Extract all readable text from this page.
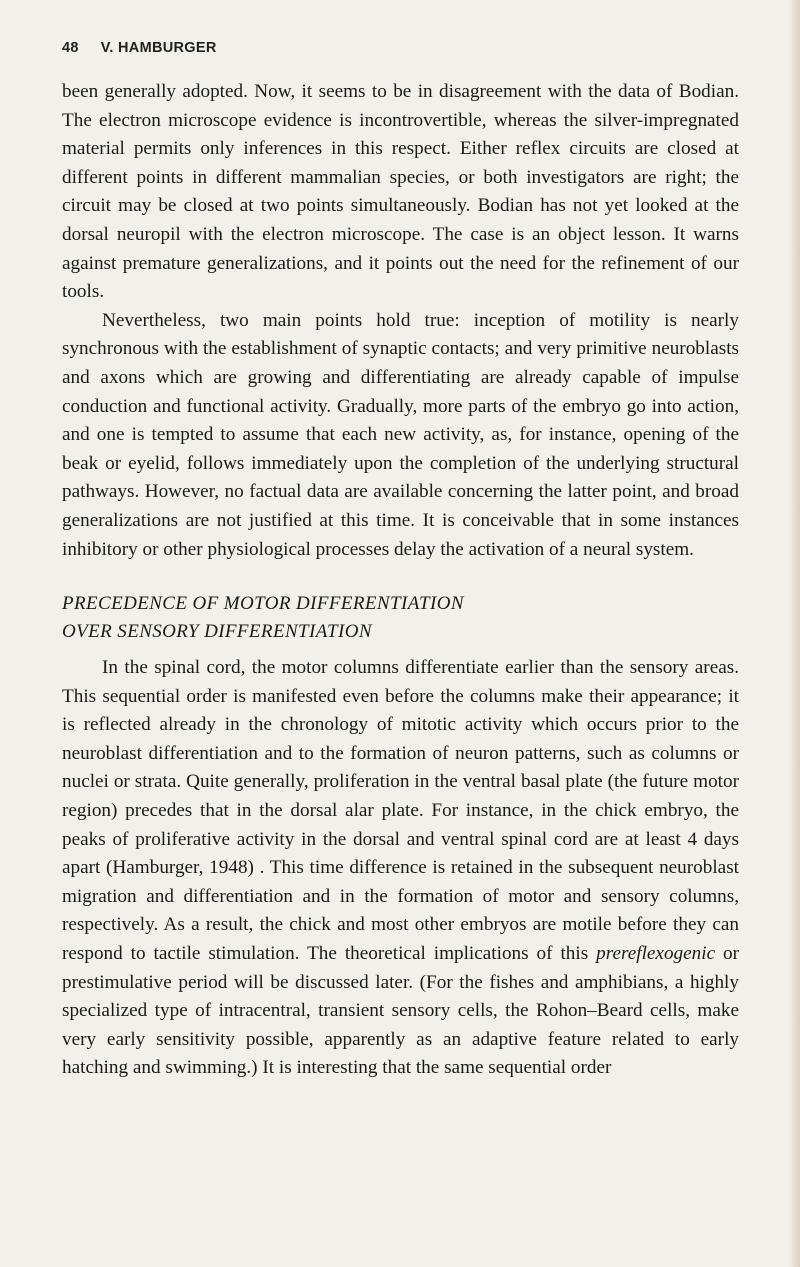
48 V. HAMBURGER

been generally adopted. Now, it seems to be in disagreement with the data of Bodian. The electron microscope evidence is incontrovertible, whereas the silver-impregnated material permits only inferences in this respect. Either reflex circuits are closed at different points in different mammalian species, or both investigators are right; the circuit may be closed at two points simultaneously. Bodian has not yet looked at the dorsal neuropil with the electron microscope. The case is an object lesson. It warns against premature generalizations, and it points out the need for the refinement of our tools.

Nevertheless, two main points hold true: inception of motility is nearly synchronous with the establishment of synaptic contacts; and very primitive neuroblasts and axons which are growing and differentiating are already capable of impulse conduction and functional activity. Gradually, more parts of the embryo go into action, and one is tempted to assume that each new activity, as, for instance, opening of the beak or eyelid, follows immediately upon the completion of the underlying structural pathways. However, no factual data are available concerning the latter point, and broad generalizations are not justified at this time. It is conceivable that in some instances inhibitory or other physiological processes delay the activation of a neural system.

PRECEDENCE OF MOTOR DIFFERENTIATION
OVER SENSORY DIFFERENTIATION

In the spinal cord, the motor columns differentiate earlier than the sensory areas. This sequential order is manifested even before the columns make their appearance; it is reflected already in the chronology of mitotic activity which occurs prior to the neuroblast differentiation and to the formation of neuron patterns, such as columns or nuclei or strata. Quite generally, proliferation in the ventral basal plate (the future motor region) precedes that in the dorsal alar plate. For instance, in the chick embryo, the peaks of proliferative activity in the dorsal and ventral spinal cord are at least 4 days apart (Hamburger, 1948) . This time difference is retained in the subsequent neuroblast migration and differentiation and in the formation of motor and sensory columns, respectively. As a result, the chick and most other embryos are motile before they can respond to tactile stimulation. The theoretical implications of this prereflexogenic or prestimulative period will be discussed later. (For the fishes and amphibians, a highly specialized type of intracentral, transient sensory cells, the Rohon–Beard cells, make very early sensitivity possible, apparently as an adaptive feature related to early hatching and swimming.) It is interesting that the same sequential order
